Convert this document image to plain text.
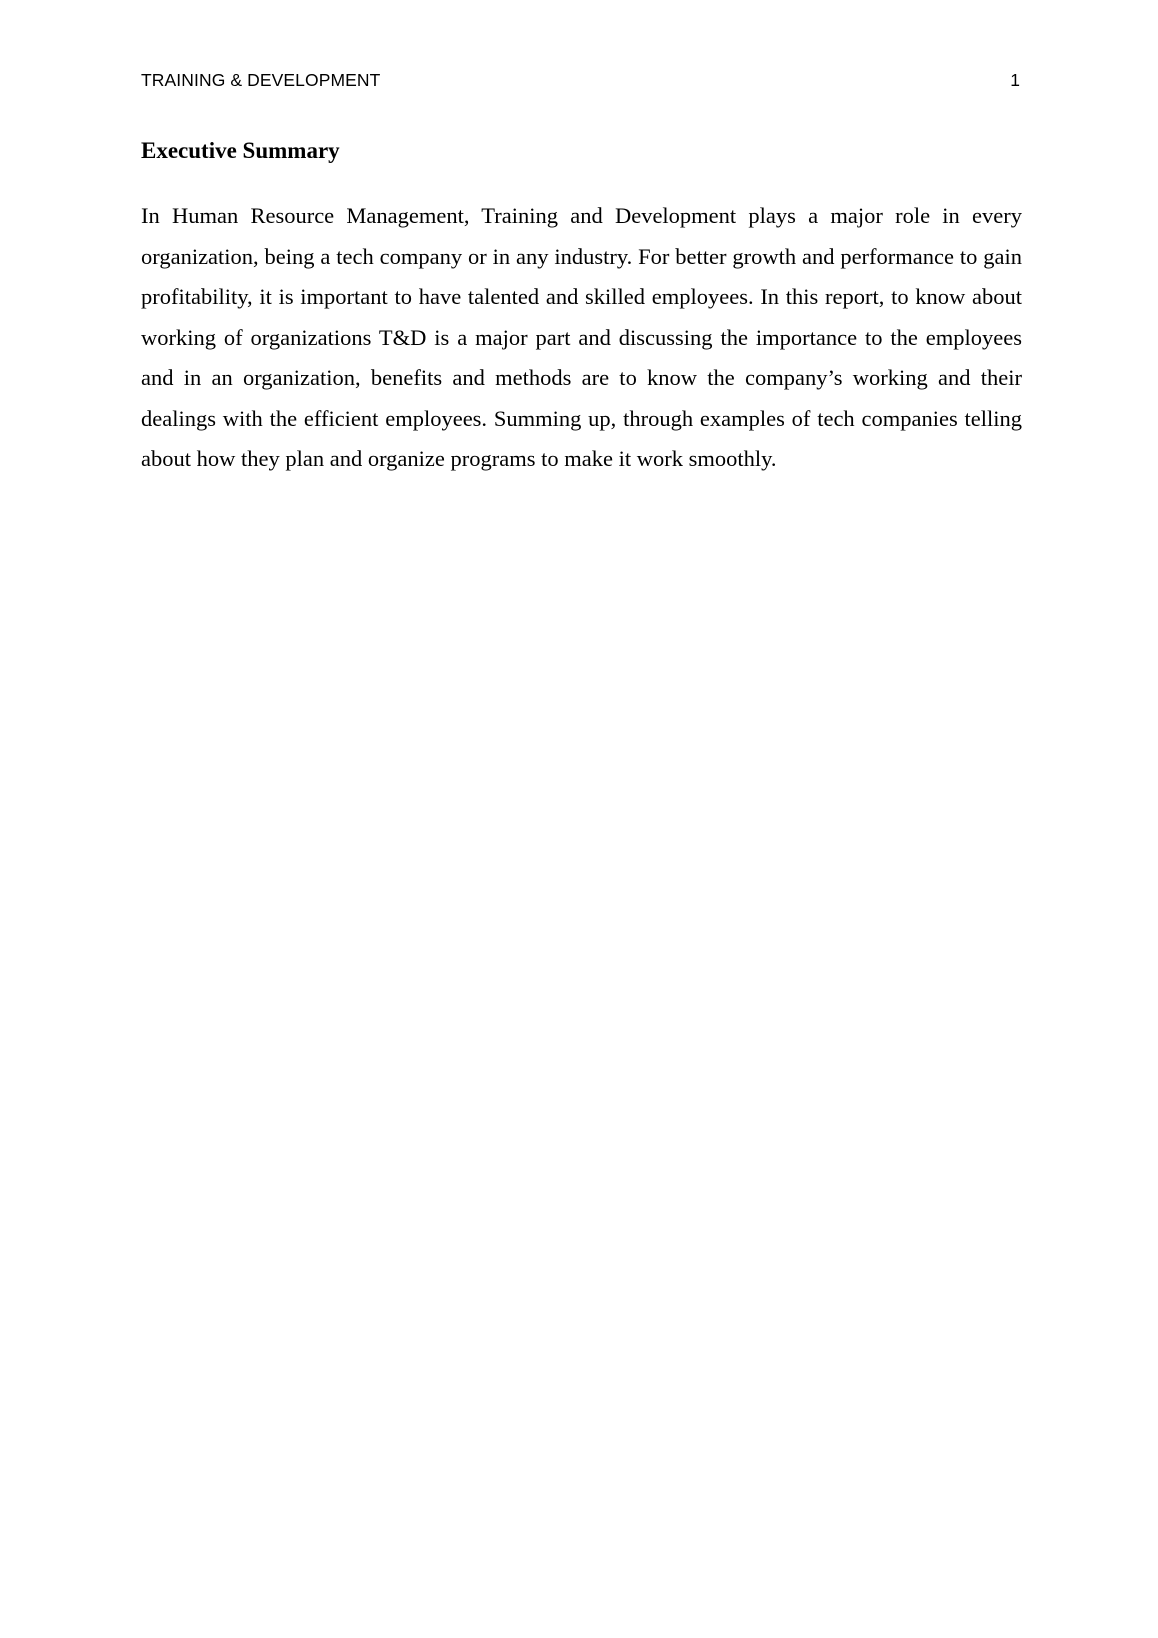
TRAINING & DEVELOPMENT	1
Executive Summary

In Human Resource Management, Training and Development plays a major role in every organization, being a tech company or in any industry. For better growth and performance to gain profitability, it is important to have talented and skilled employees. In this report, to know about working of organizations T&D is a major part and discussing the importance to the employees and in an organization, benefits and methods are to know the company’s working and their dealings with the efficient employees. Summing up, through examples of tech companies telling about how they plan and organize programs to make it work smoothly.
